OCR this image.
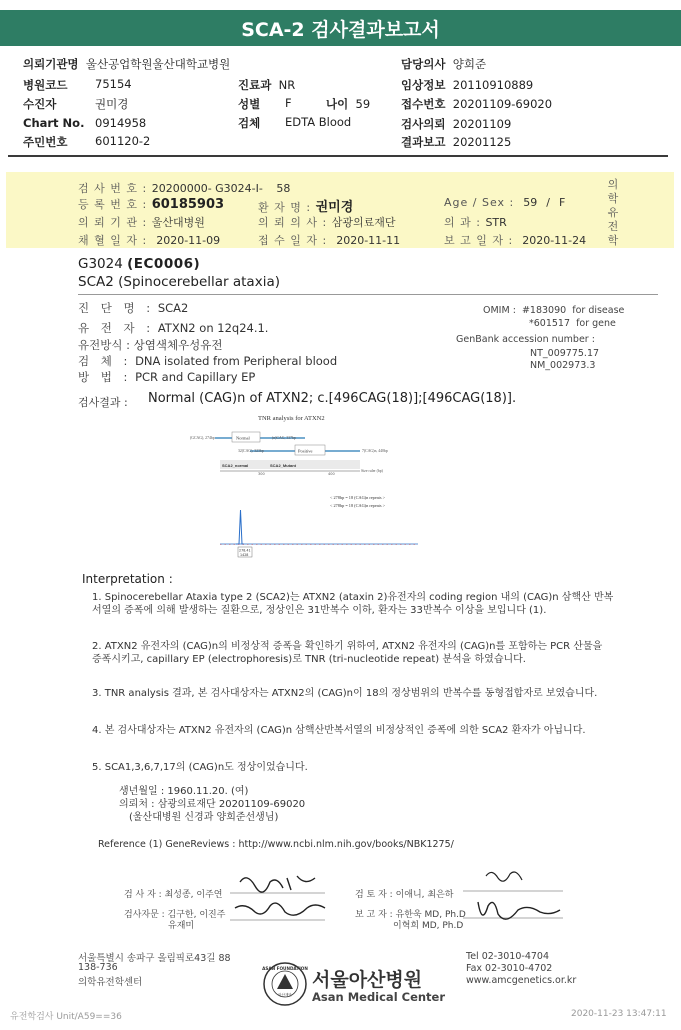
SCA-2 검사결과보고서
의뢰기관명 울산공업학원울산대학교병원	담당의사 양희준
병원코드 75154	진료과 NR	임상정보 20110910889
수진자	권미경	성별 F	나이 59	접수번호 20201109-69020
Chart No. 0914958	검체 EDTA Blood	검사의뢰 20201109
주민번호 601120-2	결과보고 20201125
검 사 번 호 : 20200000- G3024-I- 58
등 록 번 호 : 60185903	환 자 명 : 권미경	Age / Sex : 59 / F
의 뢰 기 관 : 울산대병원	의 뢰 의 사 : 삼광의료재단	의 과 : STR
채 혈 일 자 : 2020-11-09	접 수 일 자 : 2020-11-11	보 고 일 자 : 2020-11-24
의
학
유
전
학
G3024 (EC0006)
SCA2 (Spinocerebellar ataxia)
진 단 명 : SCA2
유 전 자 : ATXN2 on 12q24.1.
유전방식 : 상염색체우성유전
검 체 : DNA isolated from Peripheral blood
방 법 : PCR and Capillary EP
OMIM : #183090 for disease
*601517 for gene
GenBank accession number :
NT_009775.17
NM_002973.3
검사결과 : Normal (CAG)n of ATXN2; c.[496CAG(18)];[496CAG(18)].
TNR analysis for ATXN2
Normal
(GCAG), 274bp	(n)CAG, 337bp
Positive
32(CAG), 323bp	7(CAG)n, 440bp
SCA2_normal	SCA2_Mutant
300	400
Size ruler (bp)
< 278bp = 18 (CAG)n repeats >
< 278bp = 18 (CAG)n repeats >
278.41
1428
Interpretation :
1. Spinocerebellar Ataxia type 2 (SCA2)는 ATXN2 (ataxin 2)유전자의 coding region 내의 (CAG)n 삼핵산 반복서열의 증폭에 의해 발생하는 질환으로, 정상인은 31반복수 이하, 환자는 33반복수 이상을 보입니다 (1).
2. ATXN2 유전자의 (CAG)n의 비정상적 증폭을 확인하기 위하여, ATXN2 유전자의 (CAG)n를 포함하는 PCR 산물을 증폭시키고, capillary EP (electrophoresis)로 TNR (tri-nucleotide repeat) 분석을 하였습니다.
3. TNR analysis 결과, 본 검사대상자는 ATXN2의 (CAG)n이 18의 정상범위의 반복수를 동형접합자로 보였습니다.
4. 본 검사대상자는 ATXN2 유전자의 (CAG)n 삼핵산반복서열의 비정상적인 증폭에 의한 SCA2 환자가 아닙니다.
5. SCA1,3,6,7,17의 (CAG)n도 정상이었습니다.
생년월일 : 1960.11.20. (여)
의뢰처 : 삼광의료재단 20201109-69020
(울산대병원 신경과 양희준선생님)
Reference (1) GeneReviews : http://www.ncbi.nlm.nih.gov/books/NBK1275/
검 사 자 : 최성종, 이주연	검 토 자 : 이애니, 최은하
검사자문 : 김구한, 이진주
유재미
보 고 자 : 유한욱 MD, Ph.D
이혁희 MD, Ph.D
서울특별시 송파구 올림픽로43길 88
138-736
의학유전학센터
ASAN FOUNDATION
아산재단
서울아산병원
Asan Medical Center
Tel 02-3010-4704
Fax 02-3010-4702
www.amcgenetics.or.kr
유전학검사 Unit/A59==36	2020-11-23 13:47:11
